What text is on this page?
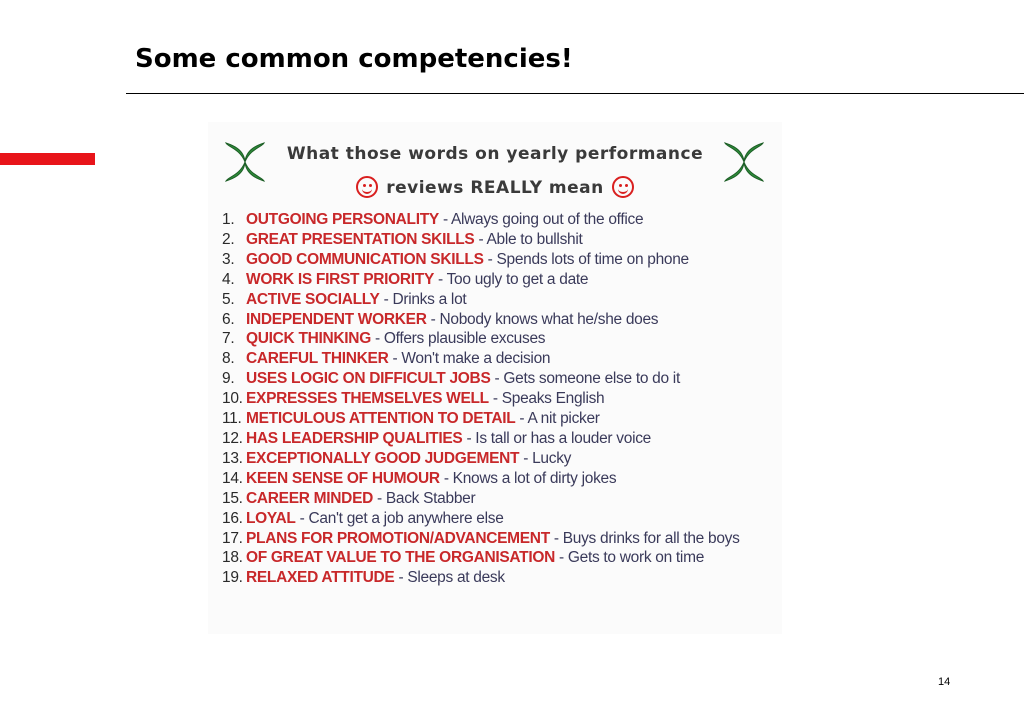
Some common competencies!
What those words on yearly performance
reviews REALLY mean
1. OUTGOING PERSONALITY - Always going out of the office
2. GREAT PRESENTATION SKILLS - Able to bullshit
3. GOOD COMMUNICATION SKILLS - Spends lots of time on phone
4. WORK IS FIRST PRIORITY - Too ugly to get a date
5. ACTIVE SOCIALLY - Drinks a lot
6. INDEPENDENT WORKER - Nobody knows what he/she does
7. QUICK THINKING - Offers plausible excuses
8. CAREFUL THINKER - Won't make a decision
9. USES LOGIC ON DIFFICULT JOBS - Gets someone else to do it
10. EXPRESSES THEMSELVES WELL - Speaks English
11. METICULOUS ATTENTION TO DETAIL - A nit picker
12. HAS LEADERSHIP QUALITIES - Is tall or has a louder voice
13. EXCEPTIONALLY GOOD JUDGEMENT - Lucky
14. KEEN SENSE OF HUMOUR - Knows a lot of dirty jokes
15. CAREER MINDED - Back Stabber
16. LOYAL - Can't get a job anywhere else
17. PLANS FOR PROMOTION/ADVANCEMENT - Buys drinks for all the boys
18. OF GREAT VALUE TO THE ORGANISATION - Gets to work on time
19. RELAXED ATTITUDE - Sleeps at desk
14
